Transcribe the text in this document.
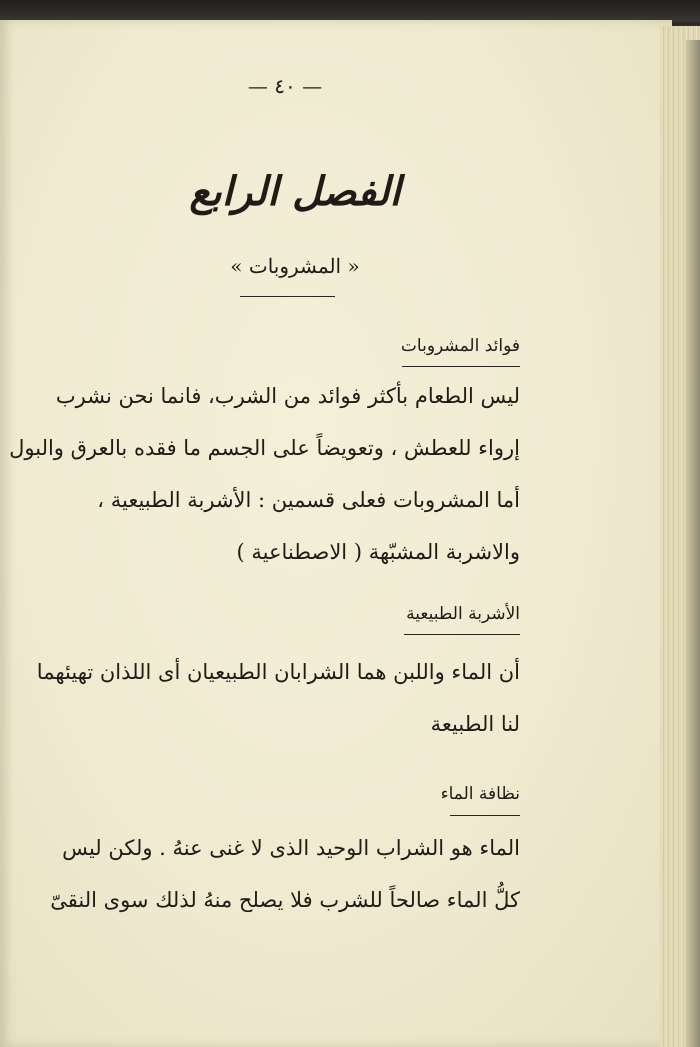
— ٤٠ —
الفصل الرابع
« المشروبات »
فوائد المشروبات
ليس الطعام بأكثر فوائد من الشرب، فانما نحن نشرب
إرواء للعطش ، وتعويضاً على الجسم ما فقده بالعرق والبول
أما المشروبات فعلى قسمين : الأشربة الطبيعية ،
والاشربة المشبّهة ( الاصطناعية )
الأشربة الطبيعية
أن الماء واللبن هما الشرابان الطبيعيان أى اللذان تهيئهما
لنا الطبيعة
نظافة الماء
الماء هو الشراب الوحيد الذى لا غنى عنهُ . ولكن ليس
كلُّ الماء صالحاً للشرب فلا يصلح منهُ لذلك سوى النقىّ
